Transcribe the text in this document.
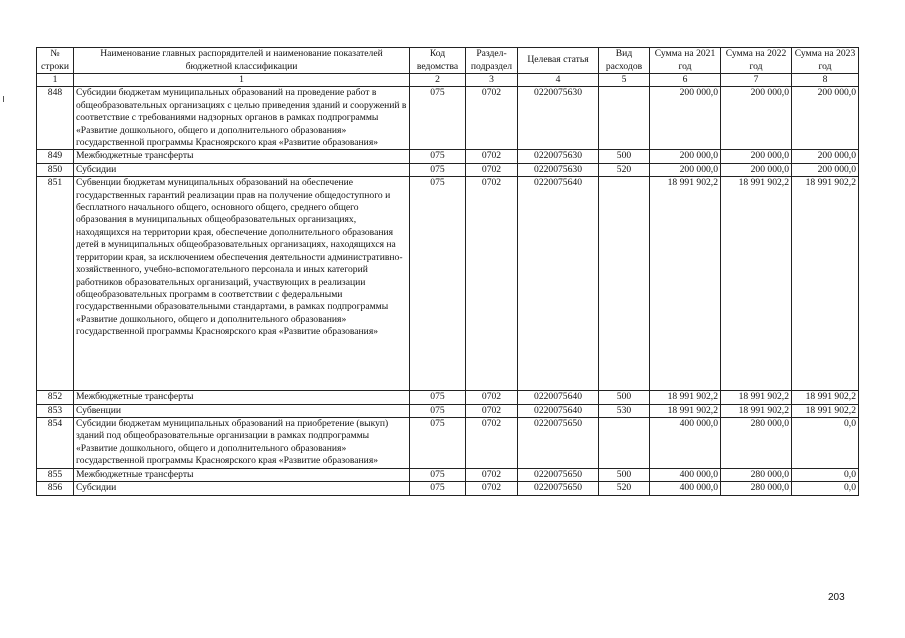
№ строки	Наименование главных распорядителей и наименование показателей бюджетной классификации	Код ведомства	Раздел-подраздел	Целевая статья	Вид расходов	Сумма на 2021 год	Сумма на 2022 год	Сумма на 2023 год
1	1	2	3	4	5	6	7	8
848	Субсидии бюджетам муниципальных образований на проведение работ в общеобразовательных организациях с целью приведения зданий и сооружений в соответствие с требованиями надзорных органов в рамках подпрограммы «Развитие дошкольного, общего и дополнительного образования» государственной программы Красноярского края «Развитие образования»	075	0702	0220075630		200 000,0	200 000,0	200 000,0
849	Межбюджетные трансферты	075	0702	0220075630	500	200 000,0	200 000,0	200 000,0
850	Субсидии	075	0702	0220075630	520	200 000,0	200 000,0	200 000,0
851	Субвенции бюджетам муниципальных образований на обеспечение государственных гарантий реализации прав на получение общедоступного и бесплатного начального общего, основного общего, среднего общего образования в муниципальных общеобразовательных организациях, находящихся на территории края, обеспечение дополнительного образования детей в муниципальных общеобразовательных организациях, находящихся на территории края, за исключением обеспечения деятельности административно-хозяйственного, учебно-вспомогательного персонала и иных категорий работников образовательных организаций, участвующих в реализации общеобразовательных программ в соответствии с федеральными государственными образовательными стандартами, в рамках подпрограммы «Развитие дошкольного, общего и дополнительного образования» государственной программы Красноярского края «Развитие образования»	075	0702	0220075640		18 991 902,2	18 991 902,2	18 991 902,2
852	Межбюджетные трансферты	075	0702	0220075640	500	18 991 902,2	18 991 902,2	18 991 902,2
853	Субвенции	075	0702	0220075640	530	18 991 902,2	18 991 902,2	18 991 902,2
854	Субсидии бюджетам муниципальных образований на приобретение (выкуп) зданий под общеобразовательные организации в рамках подпрограммы «Развитие дошкольного, общего и дополнительного образования» государственной программы Красноярского края «Развитие образования»	075	0702	0220075650		400 000,0	280 000,0	0,0
855	Межбюджетные трансферты	075	0702	0220075650	500	400 000,0	280 000,0	0,0
856	Субсидии	075	0702	0220075650	520	400 000,0	280 000,0	0,0
203
